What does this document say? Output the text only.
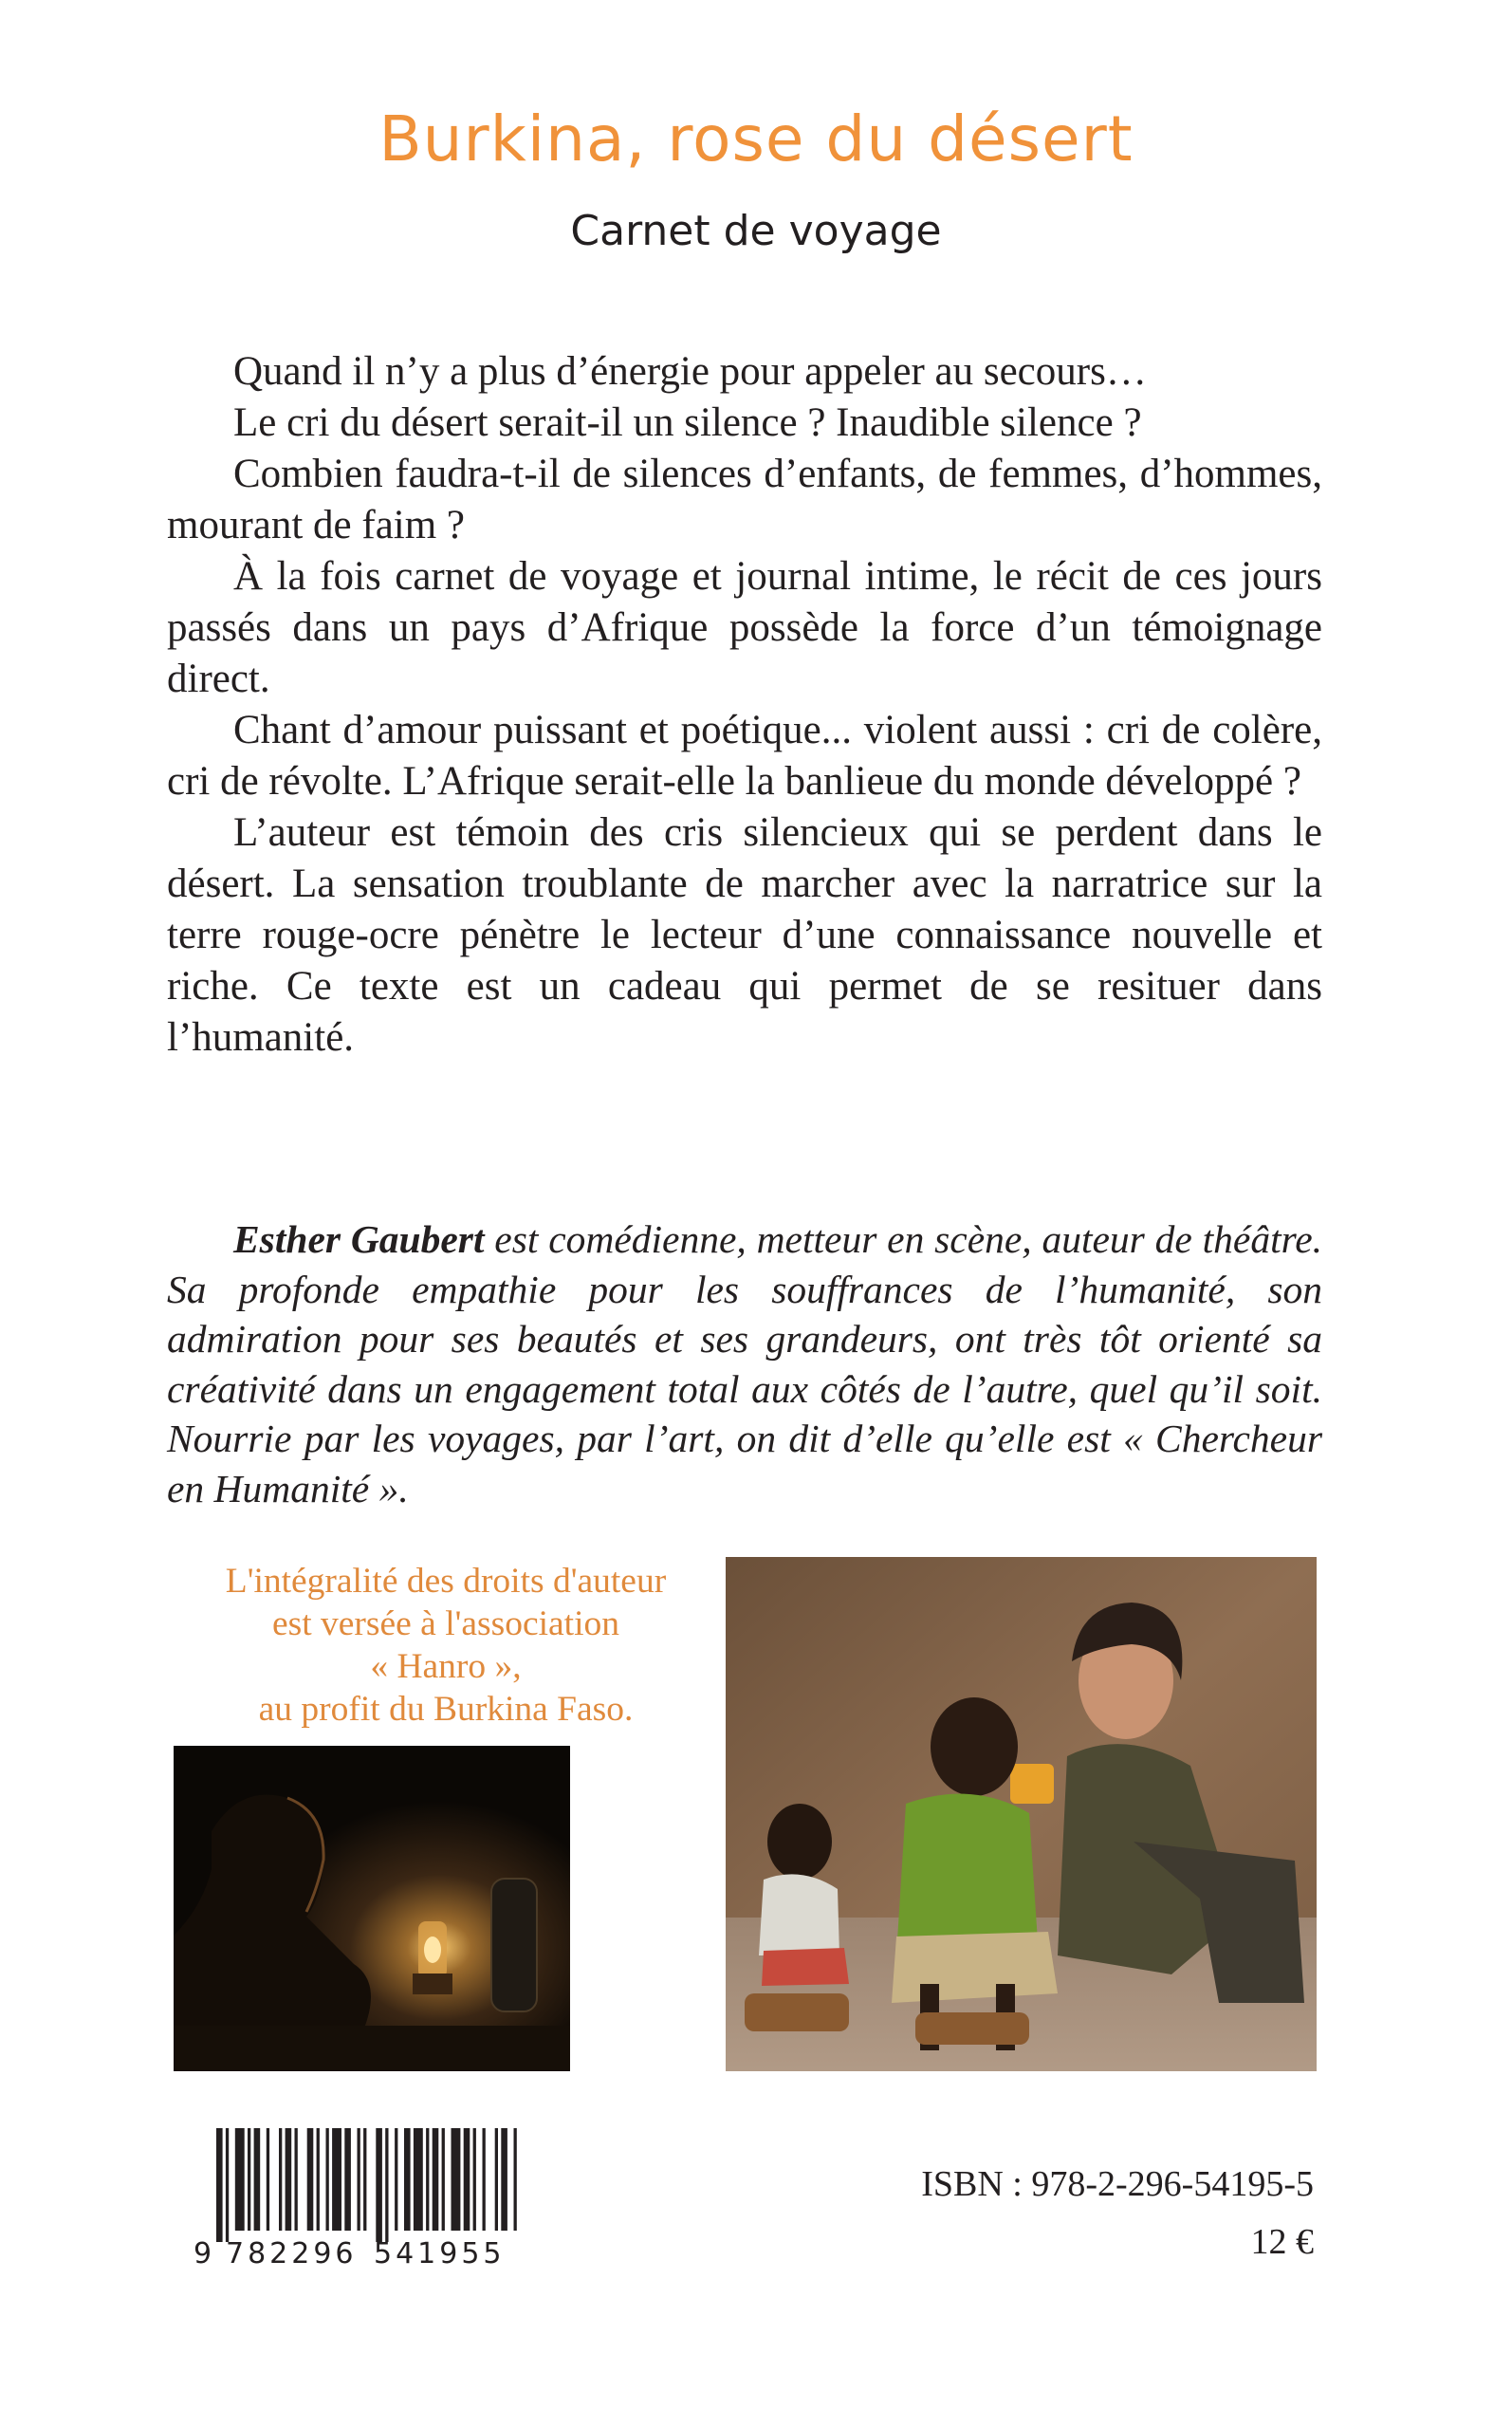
Burkina, rose du désert
Carnet de voyage

Quand il n’y a plus d’énergie pour appeler au secours…

Le cri du désert serait-il un silence ? Inaudible silence ?

Combien faudra-t-il de silences d’enfants, de femmes, d’hommes, mourant de faim ?

À la fois carnet de voyage et journal intime, le récit de ces jours passés dans un pays d’Afrique possède la force d’un témoignage direct.

Chant d’amour puissant et poétique... violent aussi : cri de colère, cri de révolte. L’Afrique serait-elle la banlieue du monde développé ?

L’auteur est témoin des cris silencieux qui se perdent dans le désert. La sensation troublante de marcher avec la narratrice sur la terre rouge-ocre pénètre le lecteur d’une connaissance nouvelle et riche. Ce texte est un cadeau qui permet de se resituer dans l’humanité.

Esther Gaubert est comédienne, metteur en scène, auteur de théâtre. Sa profonde empathie pour les souffrances de l’humanité, son admiration pour ses beautés et ses grandeurs, ont très tôt orienté sa créativité dans un engagement total aux côtés de l’autre, quel qu’il soit. Nourrie par les voyages, par l’art, on dit d’elle qu’elle est « Chercheur en Humanité ».

L'intégralité des droits d'auteur
est versée à l'association
« Hanro »,
au profit du Burkina Faso.
9 782296 541955
ISBN : 978-2-296-54195-5
12 €
